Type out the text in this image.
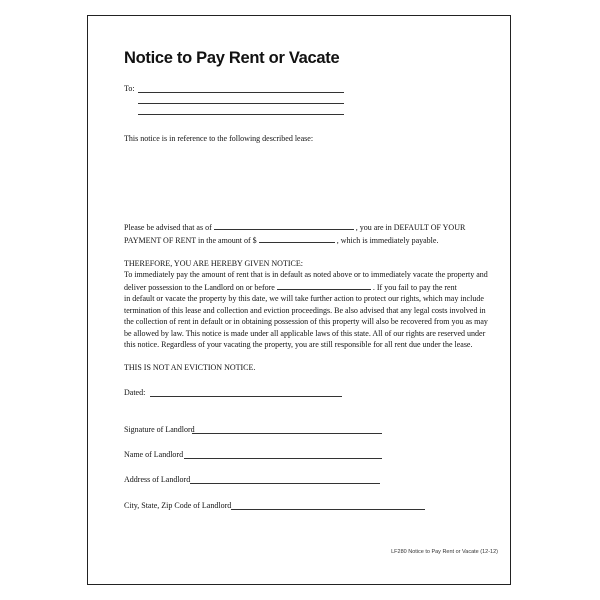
Notice to Pay Rent or Vacate
To:
This notice is in reference to the following described lease:
Please be advised that as of	, you are in DEFAULT OF YOUR
PAYMENT OF RENT in the amount of $	, which is immediately payable.
THEREFORE, YOU ARE HEREBY GIVEN NOTICE:
To immediately pay the amount of rent that is in default as noted above or to immediately vacate the property and
deliver possession to the Landlord on or before	. If you fail to pay the rent
in default or vacate the property by this date, we will take further action to protect our rights, which may include
termination of this lease and collection and eviction proceedings. Be also advised that any legal costs involved in
the collection of rent in default or in obtaining possession of this property will also be recovered from you as may
be allowed by law. This notice is made under all applicable laws of this state. All of our rights are reserved under
this notice. Regardless of your vacating the property, you are still responsible for all rent due under the lease.
THIS IS NOT AN EVICTION NOTICE.
Dated:
Signature of Landlord
Name of Landlord
Address of Landlord
City, State, Zip Code of Landlord
LF280 Notice to Pay Rent or Vacate (12-12)
